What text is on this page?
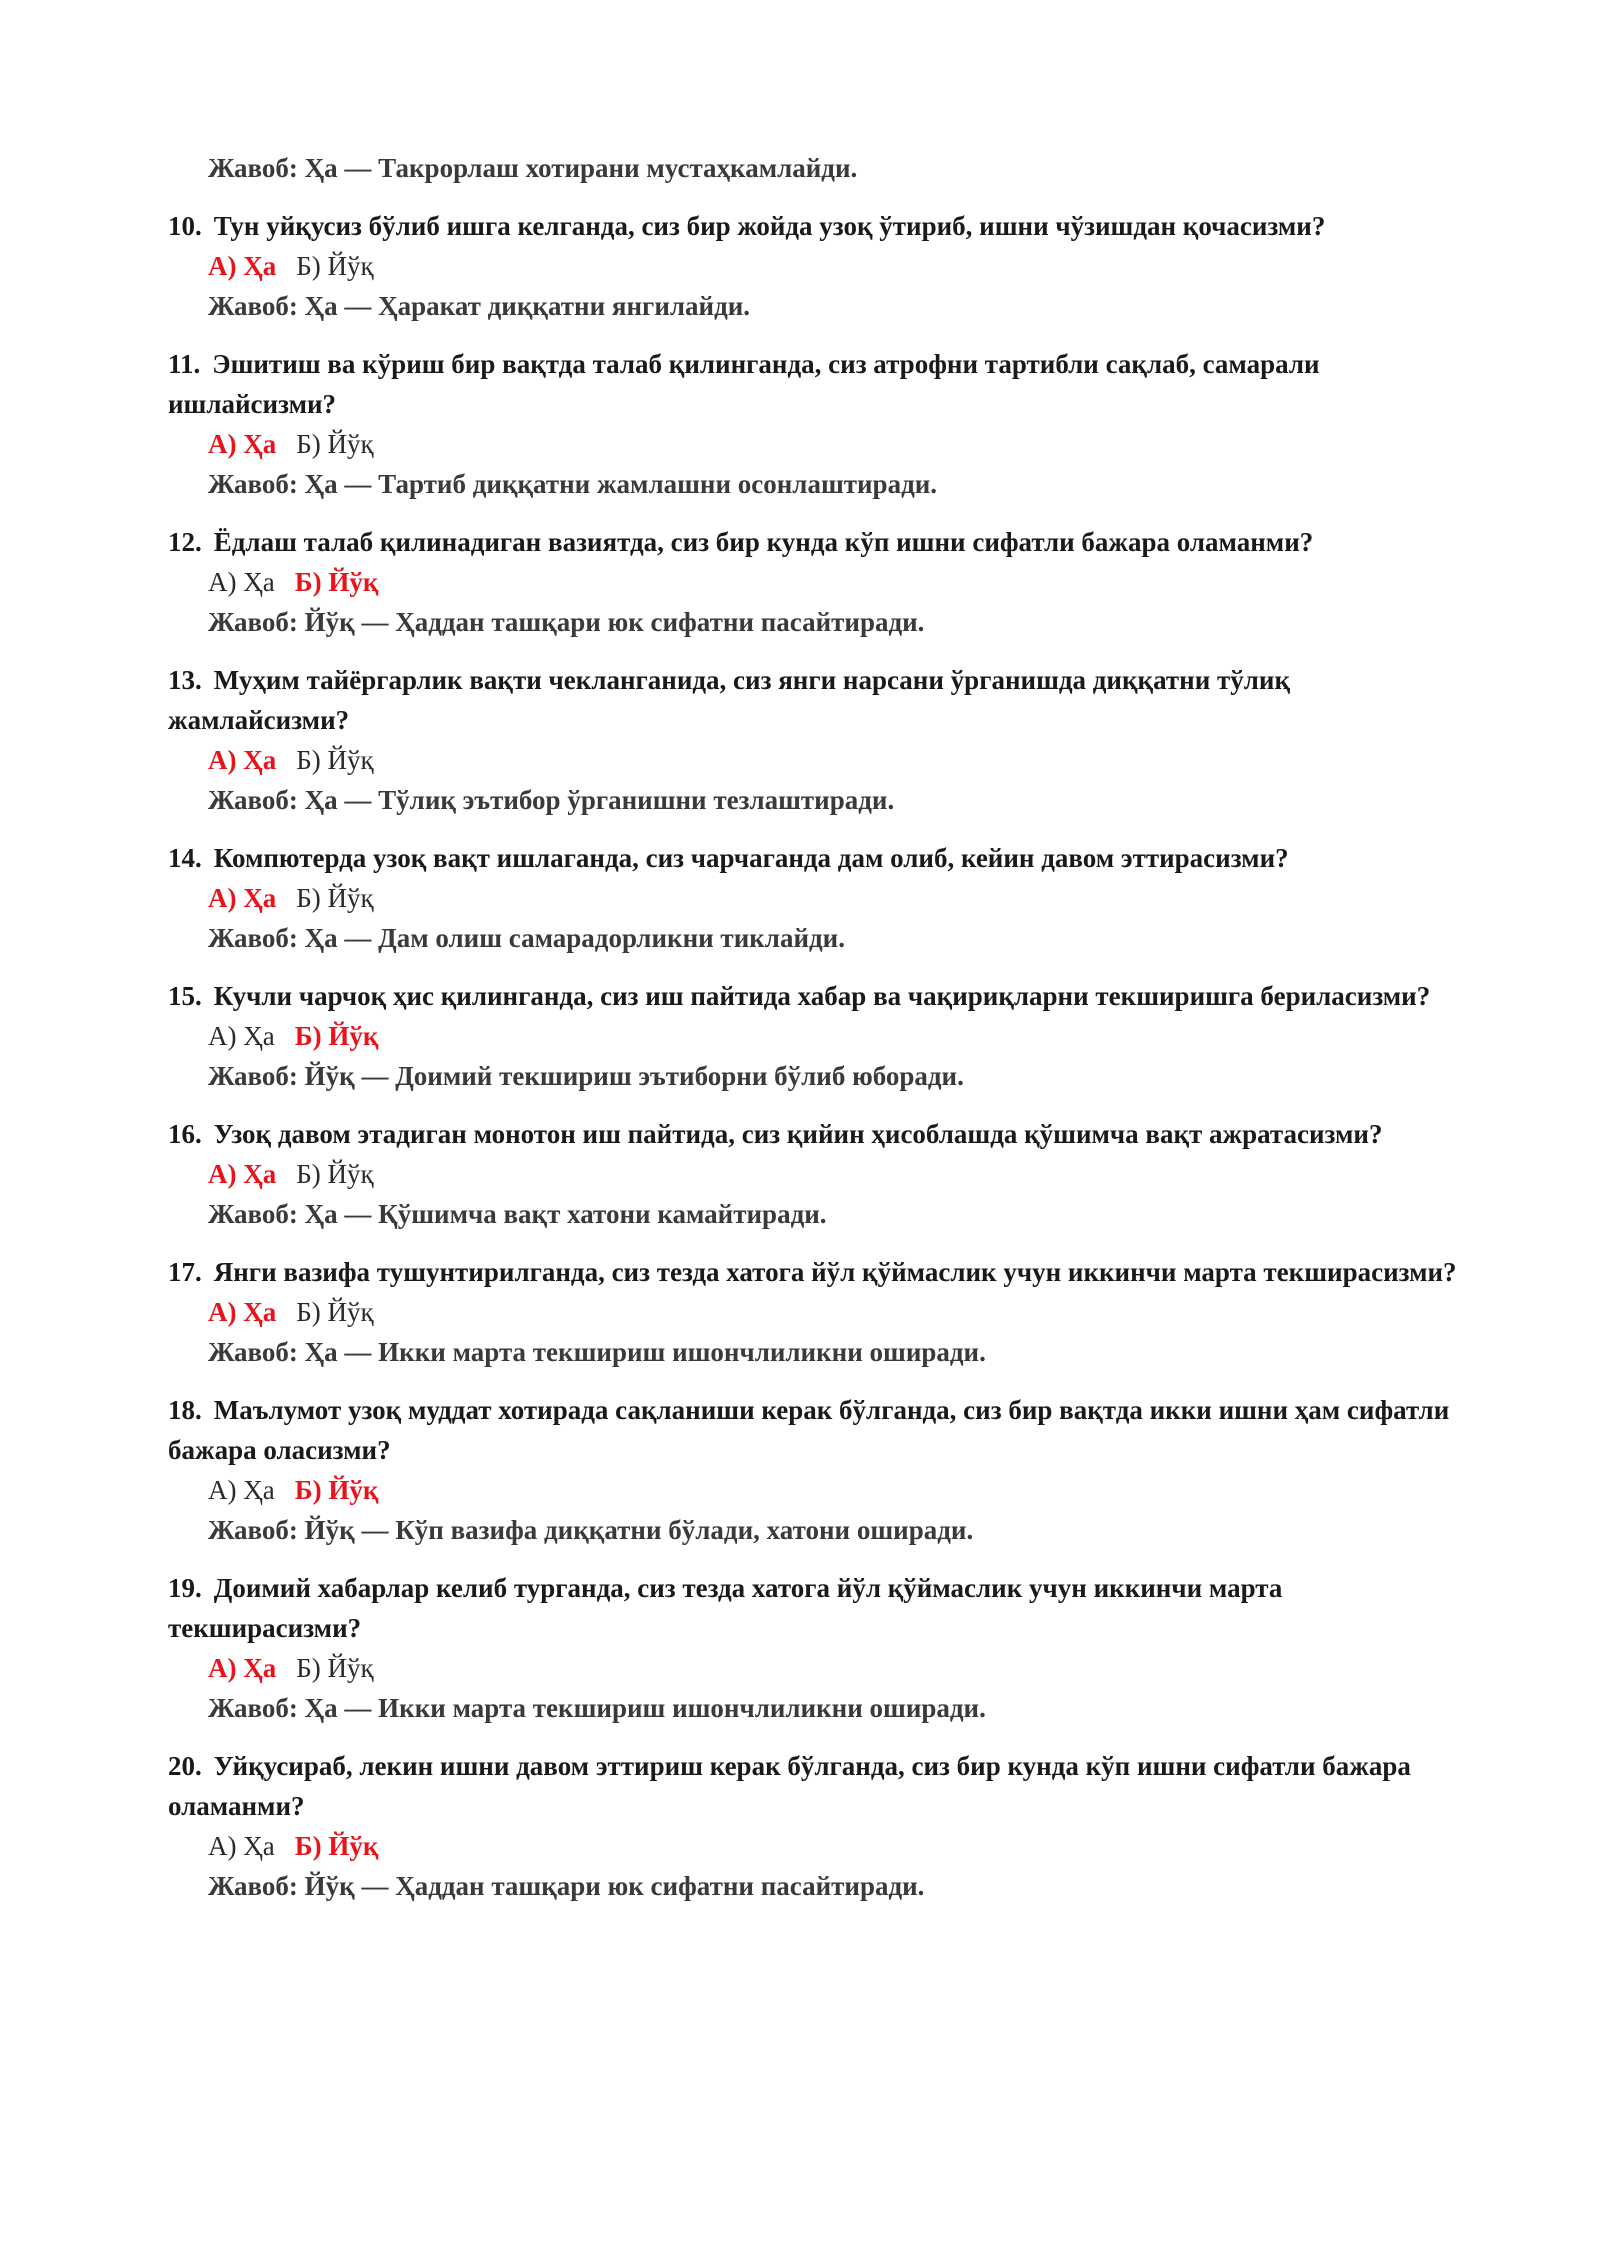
Жавоб: Ҳа — Такрорлаш хотирани мустаҳкамлайди.
10. Тун уйқусиз бўлиб ишга келганда, сиз бир жойда узоқ ўтириб, ишни чўзишдан қочасизми?
А) Ҳа Б) Йўқ
Жавоб: Ҳа — Ҳаракат диққатни янгилайди.
11. Эшитиш ва кўриш бир вақтда талаб қилинганда, сиз атрофни тартибли сақлаб, самарали ишлайсизми?
А) Ҳа Б) Йўқ
Жавоб: Ҳа — Тартиб диққатни жамлашни осонлаштиради.
12. Ёдлаш талаб қилинадиган вазиятда, сиз бир кунда кўп ишни сифатли бажара оламанми?
А) Ҳа Б) Йўқ
Жавоб: Йўқ — Ҳаддан ташқари юк сифатни пасайтиради.
13. Муҳим тайёргарлик вақти чекланганида, сиз янги нарсани ўрганишда диққатни тўлиқ жамлайсизми?
А) Ҳа Б) Йўқ
Жавоб: Ҳа — Тўлиқ эътибор ўрганишни тезлаштиради.
14. Компютерда узоқ вақт ишлаганда, сиз чарчаганда дам олиб, кейин давом эттирасизми?
А) Ҳа Б) Йўқ
Жавоб: Ҳа — Дам олиш самарадорликни тиклайди.
15. Кучли чарчоқ ҳис қилинганда, сиз иш пайтида хабар ва чақириқларни текширишга бериласизми?
А) Ҳа Б) Йўқ
Жавоб: Йўқ — Доимий текшириш эътиборни бўлиб юборади.
16. Узоқ давом этадиган монотон иш пайтида, сиз қийин ҳисоблашда қўшимча вақт ажратасизми?
А) Ҳа Б) Йўқ
Жавоб: Ҳа — Қўшимча вақт хатони камайтиради.
17. Янги вазифа тушунтирилганда, сиз тезда хатога йўл қўймаслик учун иккинчи марта текширасизми?
А) Ҳа Б) Йўқ
Жавоб: Ҳа — Икки марта текшириш ишончлиликни оширади.
18. Маълумот узоқ муддат хотирада сақланиши керак бўлганда, сиз бир вақтда икки ишни ҳам сифатли бажара оласизми?
А) Ҳа Б) Йўқ
Жавоб: Йўқ — Кўп вазифа диққатни бўлади, хатони оширади.
19. Доимий хабарлар келиб турганда, сиз тезда хатога йўл қўймаслик учун иккинчи марта текширасизми?
А) Ҳа Б) Йўқ
Жавоб: Ҳа — Икки марта текшириш ишончлиликни оширади.
20. Уйқусираб, лекин ишни давом эттириш керак бўлганда, сиз бир кунда кўп ишни сифатли бажара оламанми?
А) Ҳа Б) Йўқ
Жавоб: Йўқ — Ҳаддан ташқари юк сифатни пасайтиради.
